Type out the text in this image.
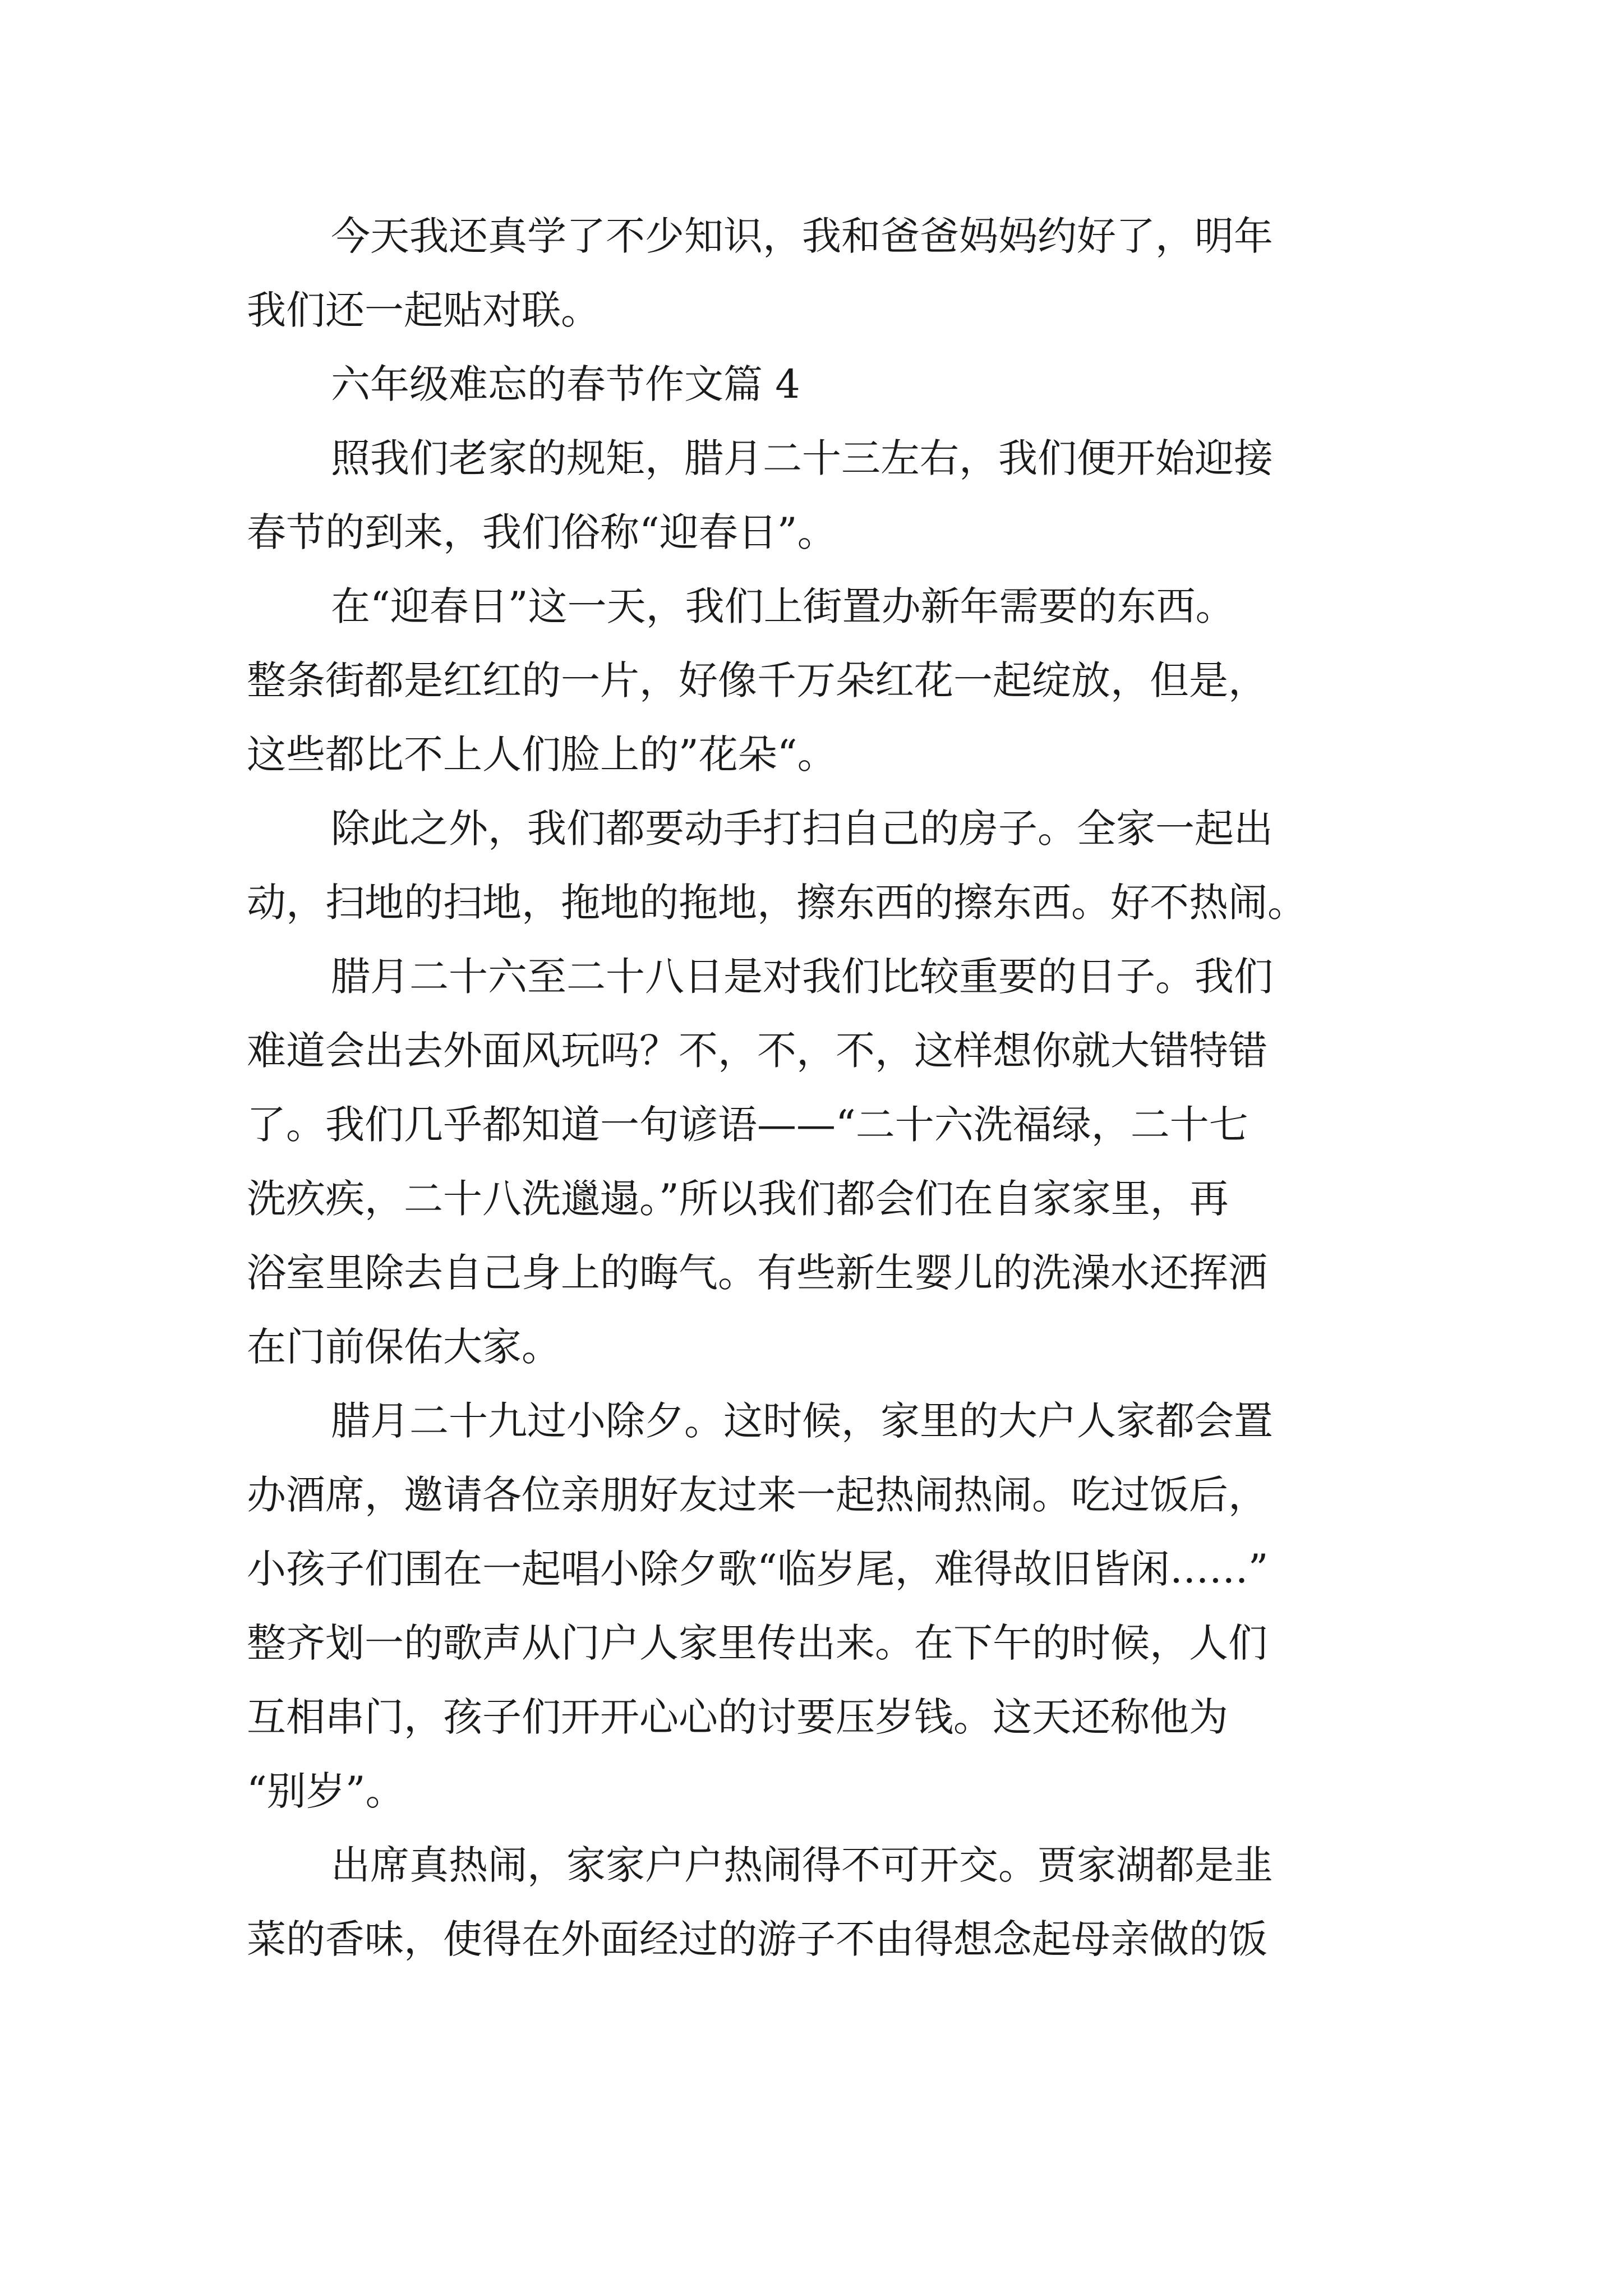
今天我还真学了不少知识，我和爸爸妈妈约好了，明年
我们还一起贴对联。
六年级难忘的春节作文篇 4
照我们老家的规矩，腊月二十三左右，我们便开始迎接
春节的到来，我们俗称“迎春日”。
在“迎春日”这一天，我们上街置办新年需要的东西。
整条街都是红红的一片，好像千万朵红花一起绽放，但是，
这些都比不上人们脸上的”花朵“。
除此之外，我们都要动手打扫自己的房子。全家一起出
动，扫地的扫地，拖地的拖地，擦东西的擦东西。好不热闹。
腊月二十六至二十八日是对我们比较重要的日子。我们
难道会出去外面风玩吗？不，不，不，这样想你就大错特错
了。我们几乎都知道一句谚语——“二十六洗福绿，二十七
洗疚疾，二十八洗邋遢。”所以我们都会们在自家家里，再
浴室里除去自己身上的晦气。有些新生婴儿的洗澡水还挥洒
在门前保佑大家。
腊月二十九过小除夕。这时候，家里的大户人家都会置
办酒席，邀请各位亲朋好友过来一起热闹热闹。吃过饭后，
小孩子们围在一起唱小除夕歌“临岁尾，难得故旧皆闲……”
整齐划一的歌声从门户人家里传出来。在下午的时候，人们
互相串门，孩子们开开心心的讨要压岁钱。这天还称他为
“别岁”。
出席真热闹，家家户户热闹得不可开交。贾家湖都是韭
菜的香味，使得在外面经过的游子不由得想念起母亲做的饭
